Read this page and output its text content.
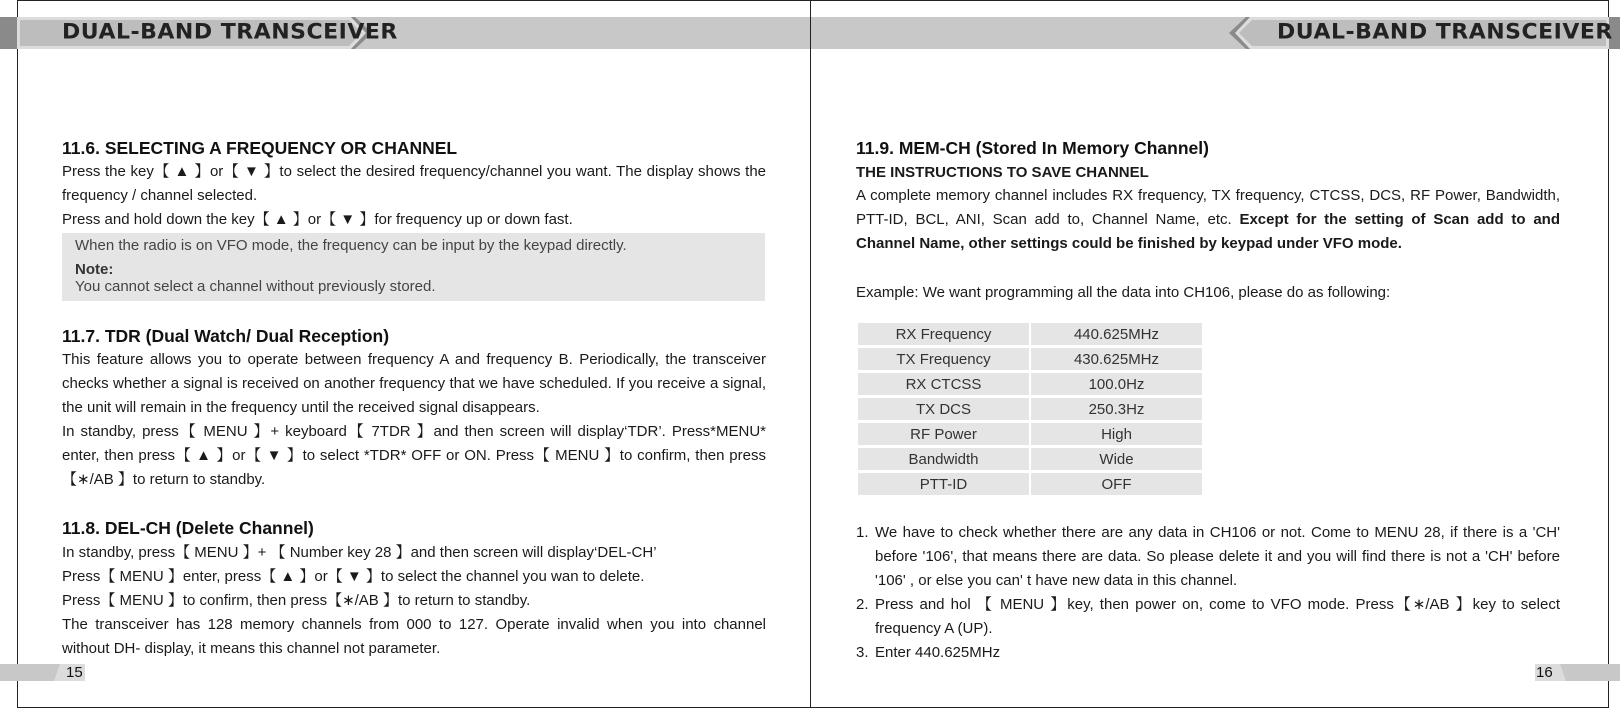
DUAL-BAND TRANSCEIVER	DUAL-BAND TRANSCEIVER
11.6. SELECTING A FREQUENCY OR CHANNEL
Press the key【 ▲ 】or【 ▼ 】to select the desired frequency/channel you want. The display shows the frequency / channel selected.
Press and hold down the key【 ▲ 】or【 ▼ 】for frequency up or down fast.
When the radio is on VFO mode, the frequency can be input by the keypad directly.
Note:
You cannot select a channel without previously stored.
11.7. TDR (Dual Watch/ Dual Reception)
This feature allows you to operate between frequency A and frequency B. Periodically, the transceiver checks whether a signal is received on another frequency that we have scheduled. If you receive a signal, the unit will remain in the frequency until the received signal disappears.
In standby, press【 MENU 】+ keyboard【 7TDR 】and then screen will display‘TDR’. Press*MENU* enter, then press【 ▲ 】or【 ▼ 】to select *TDR* OFF or ON. Press【 MENU 】to confirm, then press【∗/AB 】to return to standby.
11.8. DEL-CH (Delete Channel)
In standby, press【 MENU 】+ 【 Number key 28 】and then screen will display‘DEL-CH’
Press【 MENU 】enter, press【 ▲ 】or【 ▼ 】to select the channel you wan to delete.
Press【 MENU 】to confirm, then press【∗/AB 】to return to standby.
The transceiver has 128 memory channels from 000 to 127. Operate invalid when you into channel without DH- display, it means this channel not parameter.
15
11.9. MEM-CH (Stored In Memory Channel)
THE INSTRUCTIONS TO SAVE CHANNEL
A complete memory channel includes RX frequency, TX frequency, CTCSS, DCS, RF Power, Bandwidth, PTT-ID, BCL, ANI, Scan add to, Channel Name, etc. Except for the setting of Scan add to and Channel Name, other settings could be finished by keypad under VFO mode.
Example: We want programming all the data into CH106, please do as following:
RX Frequency	440.625MHz
TX Frequency	430.625MHz
RX CTCSS	100.0Hz
TX DCS	250.3Hz
RF Power	High
Bandwidth	Wide
PTT-ID	OFF
1. We have to check whether there are any data in CH106 or not. Come to MENU 28, if there is a 'CH' before '106', that means there are data. So please delete it and you will find there is not a 'CH' before '106' , or else you can' t have new data in this channel.
2. Press and hol 【 MENU 】key, then power on, come to VFO mode. Press【∗/AB 】key to select frequency A (UP).
3. Enter 440.625MHz
16
